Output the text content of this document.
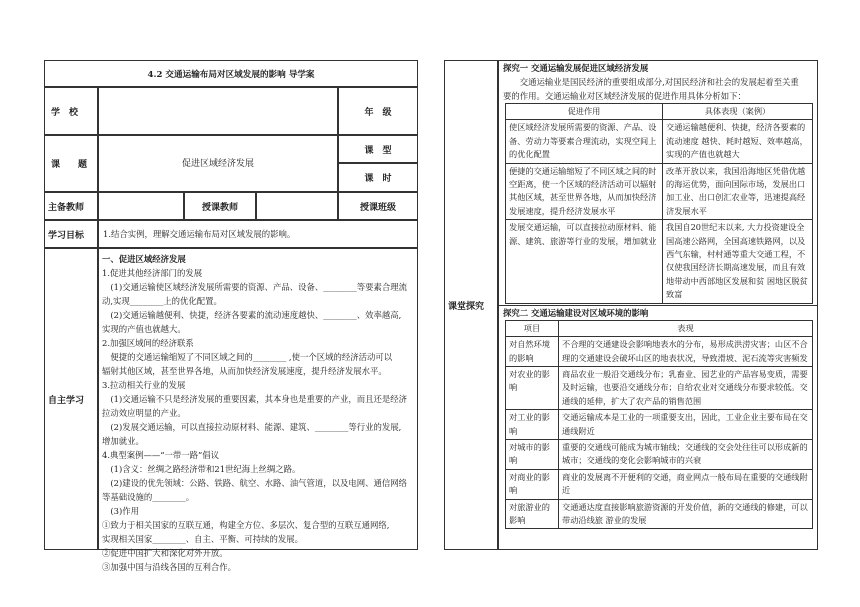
4.2 交通运输布局对区域发展的影响 导学案
学　校	年　级
课　　题	促进区域经济发展
课　型
课　时
主备教师	授课教师	授课班级
学习目标	1.结合实例，理解交通运输布局对区域发展的影响。
自主学习
一、促进区域经济发展
1.促进其他经济部门的发展
　(1)交通运输使区域经济发展所需要的资源、产品、设备、________等要素合理流
动,实现________上的优化配置。
　(2)交通运输越便利、快捷，经济各要素的流动速度越快、________、效率越高,
实现的产值也就越大。
2.加强区域间的经济联系
　便捷的交通运输缩短了不同区域之间的________ ,使一个区域的经济活动可以
辐射其他区域，甚至世界各地，从而加快经济发展速度，提升经济发展水平。
3.拉动相关行业的发展
　(1)交通运输不只是经济发展的重要因素，其本身也是重要的产业，而且还是经济
拉动效应明显的产业。
　(2)发展交通运输，可以直接拉动原材料、能源、建筑、________等行业的发展,
增加就业。
4.典型案例——“一带一路”倡议
　(1)含义：丝绸之路经济带和21世纪海上丝绸之路。
　(2)建设的优先领域：公路、铁路、航空、水路、油气管道，以及电网、通信网络
等基础设施的________。
　(3)作用
①致力于相关国家的互联互通，构建全方位、多层次、复合型的互联互通网络,
实现相关国家________、自主、平衡、可持续的发展。
②促进中国扩大和深化对外开放。
③加强中国与沿线各国的互利合作。
课堂探究
探究一 交通运输发展促进区域经济发展
　　交通运输业是国民经济的重要组成部分,对国民经济和社会的发展起着至关重
要的作用。交通运输业对区域经济发展的促进作用具体分析如下：
促进作用	具体表现（案例）
使区域经济发展所需要的资源、产品、设备、劳动力等要素合理流动，实现空间上的优化配置	交通运输越便利、快捷，经济各要素的流动速度 越快、耗时越短、效率越高，实现的产值也就越大
便捷的交通运输缩短了不同区域之间的时空距离，使一个区域的经济活动可以辐射其他区域，甚至世界各地，从而加快经济发展速度，提升经济发展水平	改革开放以来，我国沿海地区凭借优越的海运优势，面向国际市场，发展出口加工业、出口创汇农业等，迅速提高经济发展水平
发展交通运输，可以直接拉动原材料、能源、建筑、旅游等行业的发展，增加就业	我国自20世纪末以来, 大力投资建设全国高速公路网，全国高速铁路网，以及西气东输，村村通等重大交通工程，不仅使我国经济长期高速发展，而且有效地带动中西部地区发展和贫 困地区脱贫致富
探究二 交通运输建设对区域环境的影响
项目	表现
对自然环境的影响	不合理的交通建设会影响地表水的分布，易形成洪涝灾害；山区不合理的交通建设会破坏山区的地表状况，导致滑坡、泥石流等灾害频发
对农业的影响	商品农业一般沿交通线分布；乳畜业、园艺业的产品容易变质，需要及时运输，也要沿交通线分布；自给农业对交通线分布要求较低。交通线的延伸，扩大了农产品的销售范围
对工业的影响	交通运输成本是工业的一项重要支出，因此，工业企业主要布局在交通线附近
对城市的影响	重要的交通线可能成为城市轴线；交通线的交会处往往可以形成新的城市；交通线的变化会影响城市的兴衰
对商业的影响	商业的发展离不开便利的交通，商业网点一般布局在重要的交通线附近
对旅游业的影响	交通通达度直接影响旅游资源的开发价值，新的交通线的修建，可以带动沿线旅 游业的发展
